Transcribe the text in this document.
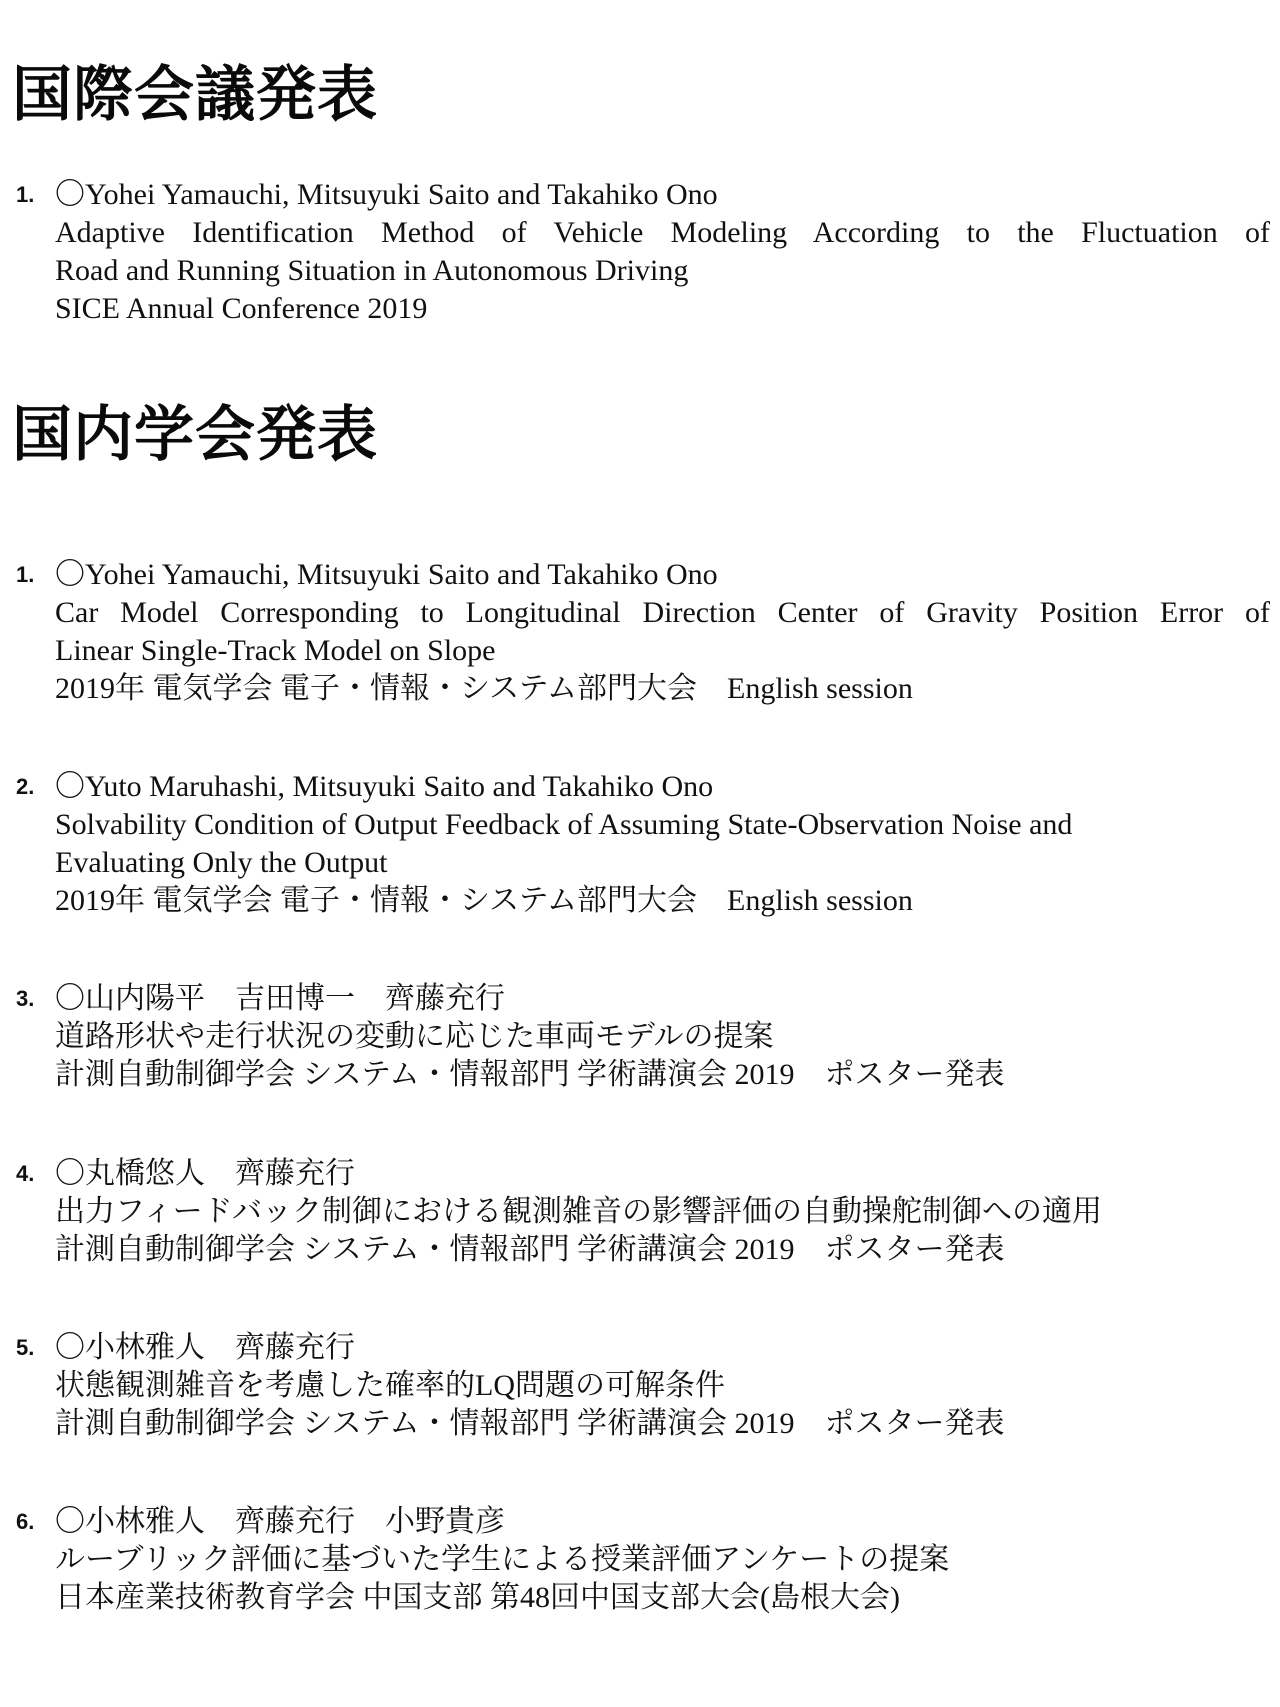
国際会議発表
1. 〇Yohei Yamauchi, Mitsuyuki Saito and Takahiko Ono
Adaptive Identification Method of Vehicle Modeling According to the Fluctuation of
Road and Running Situation in Autonomous Driving
SICE Annual Conference 2019
国内学会発表
1. 〇Yohei Yamauchi, Mitsuyuki Saito and Takahiko Ono
Car Model Corresponding to Longitudinal Direction Center of Gravity Position Error of
Linear Single-Track Model on Slope
2019年 電気学会 電子・情報・システム部門大会　English session
2. 〇Yuto Maruhashi, Mitsuyuki Saito and Takahiko Ono
Solvability Condition of Output Feedback of Assuming State-Observation Noise and
Evaluating Only the Output
2019年 電気学会 電子・情報・システム部門大会　English session
3. 〇山内陽平　吉田博一　齊藤充行
道路形状や走行状況の変動に応じた車両モデルの提案
計測自動制御学会 システム・情報部門 学術講演会 2019　ポスター発表
4. 〇丸橋悠人　齊藤充行
出力フィードバック制御における観測雑音の影響評価の自動操舵制御への適用
計測自動制御学会 システム・情報部門 学術講演会 2019　ポスター発表
5. 〇小林雅人　齊藤充行
状態観測雑音を考慮した確率的LQ問題の可解条件
計測自動制御学会 システム・情報部門 学術講演会 2019　ポスター発表
6. 〇小林雅人　齊藤充行　小野貴彦
ルーブリック評価に基づいた学生による授業評価アンケートの提案
日本産業技術教育学会 中国支部 第48回中国支部大会(島根大会)
